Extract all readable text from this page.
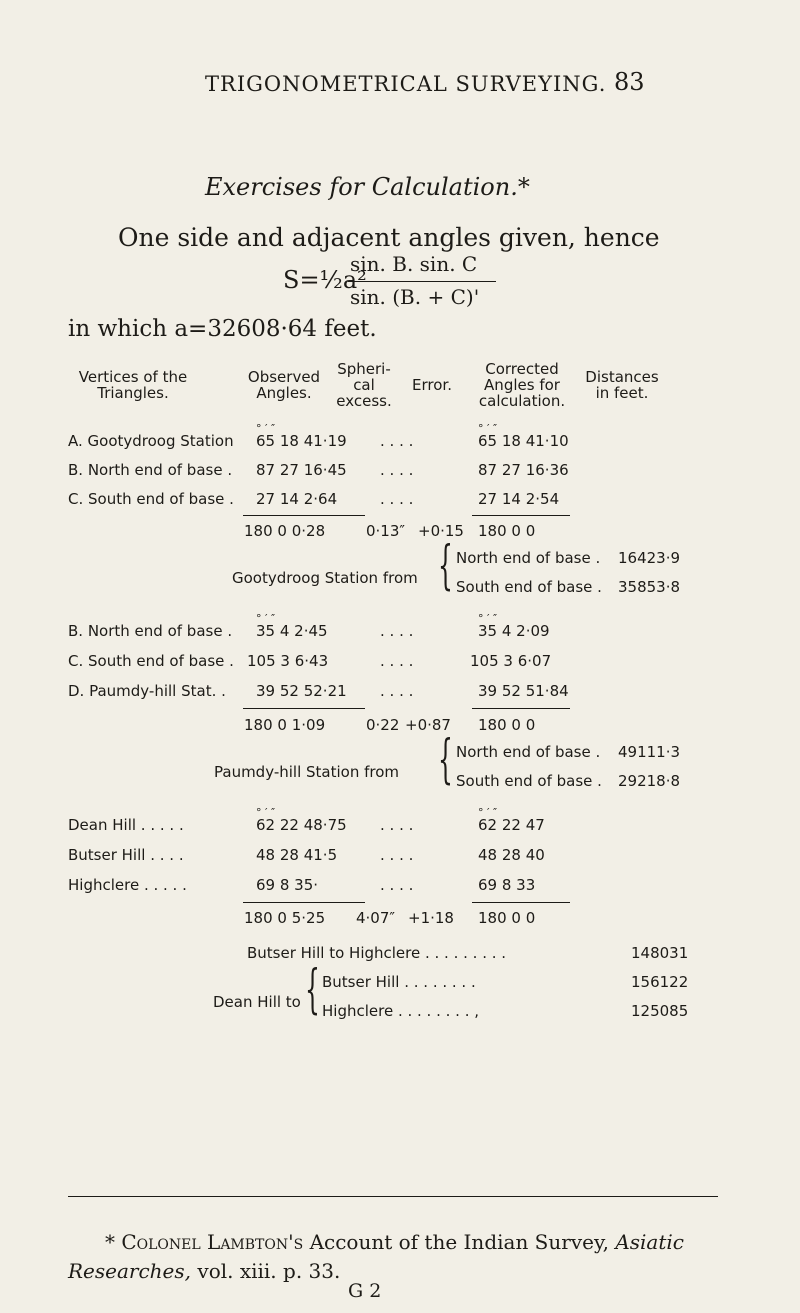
TRIGONOMETRICAL SURVEYING. 83
Exercises for Calculation.*
One side and adjacent angles given, hence
S=½a²
sin. B. sin. C
sin. (B. + C)'
in which a=32608·64 feet.
Vertices of the
Triangles.
Observed
Angles.
Spheri-
cal
excess.
Error.
Corrected
Angles for
calculation.
Distances
in feet.
° ′ ″	° ′ ″
A. Gootydroog Station 65 18 41·19 . . . .	65 18 41·10
B. North end of base . 87 27 16·45 . . . .	87 27 16·36
C. South end of base . 27 14 2·64	. . . .	27 14 2·54
180 0 0·28	0·13″ +0·15 180 0 0
Gootydroog Station from { North end of base . 16423·9
South end of base . 35853·8
° ′ ″	° ′ ″
B. North end of base . 35 4 2·45	. . . .	35 4 2·09
C. South end of base . 105 3 6·43	. . . .	105 3 6·07
D. Paumdy-hill Stat. . 39 52 52·21 . . . .	39 52 51·84
180 0 1·09	0·22 +0·87 180 0 0
Paumdy-hill Station from { North end of base . 49111·3
South end of base . 29218·8
° ′ ″	° ′ ″
Dean Hill . . . . .	62 22 48·75 . . . .	62 22 47
Butser Hill . . . .	48 28 41·5	. . . .	48 28 40
Highclere . . . . .	69 8 35·	. . . .	69 8 33
180 0 5·25 4·07″ +1·18 180 0 0
Butser Hill to Highclere . . . . . . . . .	148031
Dean Hill to { Butser Hill . . . . . . . .	156122
Highclere . . . . . . . . ,	125085
* Colonel Lambton's Account of the Indian Survey, Asiatic
Researches, vol. xiii. p. 33.
G 2
